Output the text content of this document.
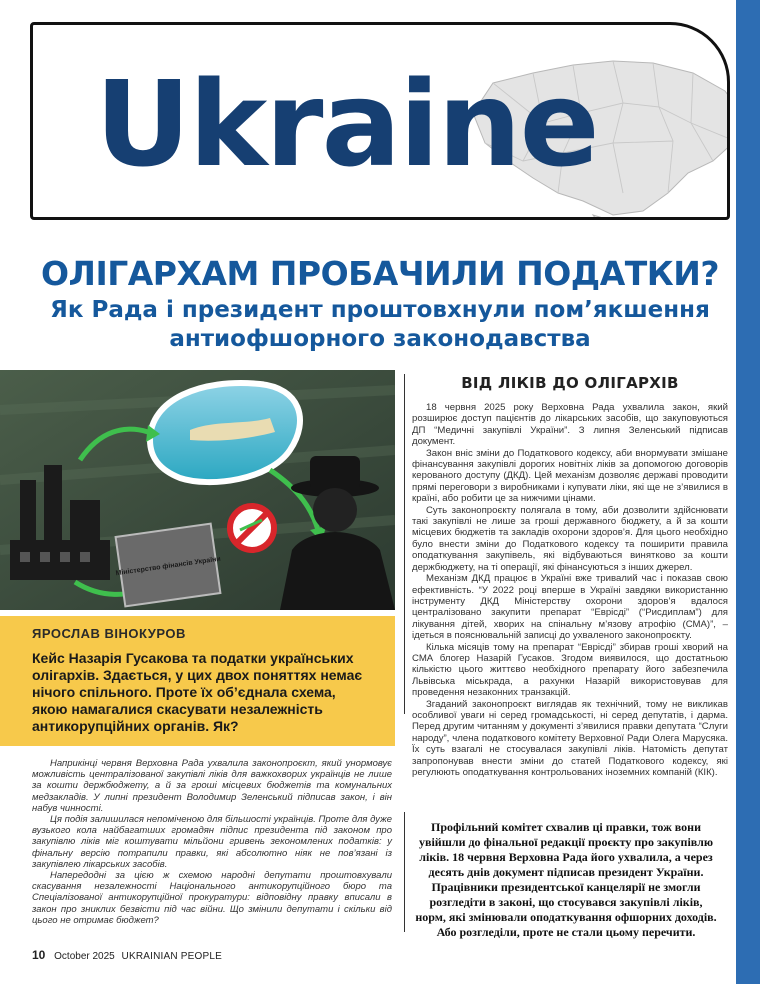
Ukraine
ОЛІГАРХАМ ПРОБАЧИЛИ ПОДАТКИ?
Як Рада і президент проштовхнули пом’якшення антиофшорного законодавства
Міністерство фінансів України
ЯРОСЛАВ ВІНОКУРОВ
Кейс Назарія Гусакова та податки українських олігархів. Здається, у цих двох поняттях немає нічого спільного. Проте їх об’єднала схема, якою намагалися скасувати незалежність антикорупційних органів. Як?

Наприкінці червня Верховна Рада ухвалила законопроєкт, який унормовує можливість централізованої закупівлі ліків для важкохворих українців не лише за кошти держбюджету, а й за гроші місцевих бюджетів та комунальних медзакладів. У липні президент Володимир Зеленський підписав закон, і він набув чинності.

Ця подія залишилася непоміченою для більшості українців. Проте для дуже вузького кола найбагатших громадян підпис президента під законом про закупівлю ліків міг коштувати мільйони гривень зекономлених податків: у фінальну версію потрапили правки, які абсолютно ніяк не пов’язані із закупівлею лікарських засобів.

Напередодні за цією ж схемою народні депутати проштовхували скасування незалежності Національного антикорупційного бюро та Спеціалізованої антикорупційної прокуратури: відповідну правку вписали в закон про зниклих безвісти під час війни. Що змінили депутати і скільки від цього не отримає бюджет?

ВІД ЛІКІВ ДО ОЛІГАРХІВ

18 червня 2025 року Верховна Рада ухвалила закон, який розширює доступ пацієнтів до лікарських засобів, що закуповуються ДП “Медичні закупівлі України”. З липня Зеленський підписав документ.

Закон вніс зміни до Податкового кодексу, аби внормувати змішане фінансування закупівлі дорогих новітніх ліків за допомогою договорів керованого доступу (ДКД). Цей механізм дозволяє державі проводити прямі переговори з виробниками і купувати ліки, які ще не з’явилися в країні, або робити це за нижчими цінами.

Суть законопроєкту полягала в тому, аби дозволити здійснювати такі закупівлі не лише за гроші державного бюджету, а й за кошти місцевих бюджетів та закладів охорони здоров’я. Для цього необхідно було внести зміни до Податкового кодексу та поширити правила оподаткування закупівель, які відбуваються винятково за кошти держбюджету, на ті операції, які фінансуються з інших джерел.

Механізм ДКД працює в Україні вже тривалий час і показав свою ефективність. “У 2022 році вперше в Україні завдяки використанню інструменту ДКД Міністерству охорони здоров’я вдалося централізовано закупити препарат “Еврісді” (“Рисдиплам”) для лікування дітей, хворих на спінальну м’язову атрофію (СМА)”, – ідеться в пояснювальній записці до ухваленого законопроєкту.

Кілька місяців тому на препарат “Еврісді” збирав гроші хворий на СМА блогер Назарій Гусаков. Згодом виявилося, що достатньою кількістю цього життєво необхідного препарату його забезпечила Львівська міськрада, а рахунки Назарій використовував для проведення незаконних транзакцій.

Згаданий законопроєкт виглядав як технічний, тому не викликав особливої уваги ні серед громадськості, ні серед депутатів, і дарма. Перед другим читанням у документі з’явилися правки депутата “Слуги народу”, члена податкового комітету Верховної Ради Олега Марусяка. Їх суть взагалі не стосувалася закупівлі ліків. Натомість депутат запропонував внести зміни до статей Податкового кодексу, які регулюють оподаткування контрольованих іноземних компаній (КІК).

Профільний комітет схвалив ці правки, тож вони увійшли до фінальної редакції проєкту про закупівлю ліків. 18 червня Верховна Рада його ухвалила, а через десять днів документ підписав президент України.
Працівники президентської канцелярії не змогли розгледіти в законі, що стосувався закупівлі ліків, норм, які змінювали оподаткування офшорних доходів. Або розгледіли, проте не стали цьому перечити.
10 October 2025 UKRAINIAN PEOPLE
